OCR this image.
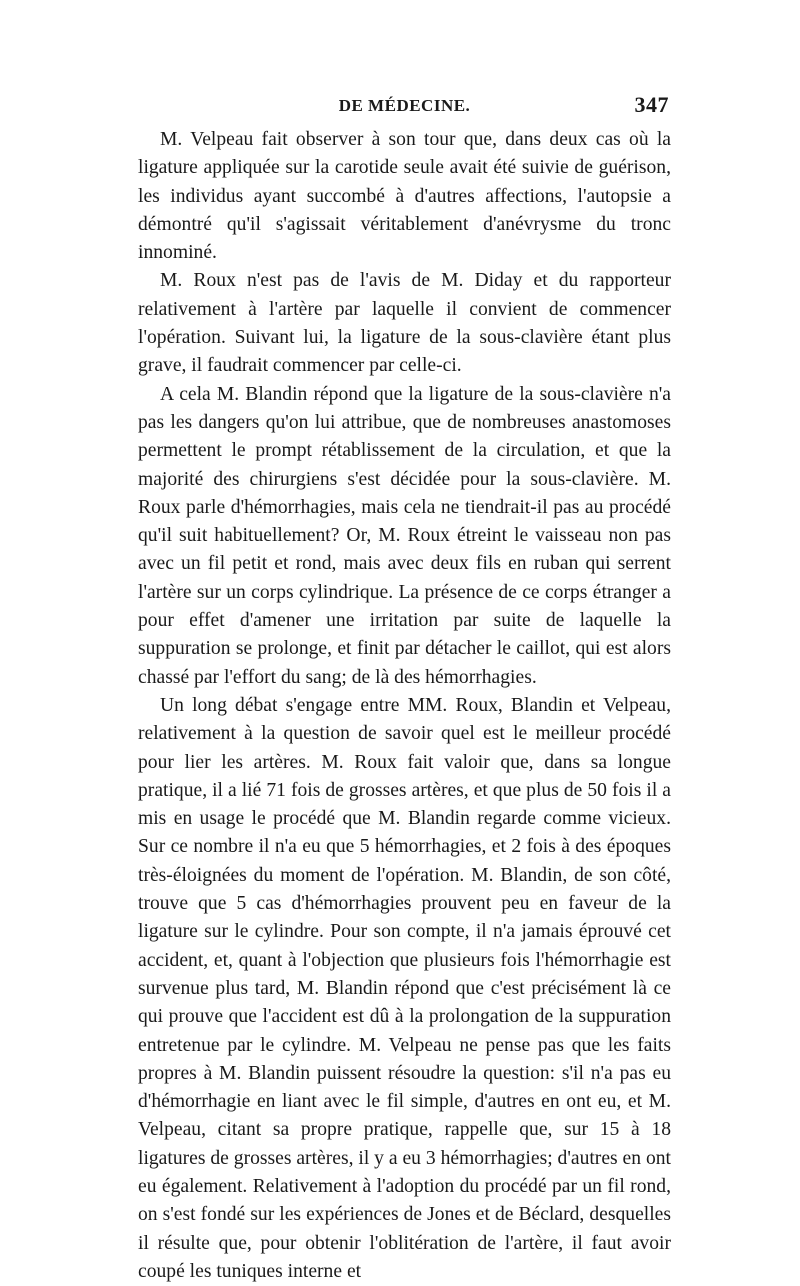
DE MÉDECINE.	347

M. Velpeau fait observer à son tour que, dans deux cas où la ligature appliquée sur la carotide seule avait été suivie de guérison, les individus ayant succombé à d'autres affections, l'autopsie a démontré qu'il s'agissait véritablement d'anévrysme du tronc innominé.

M. Roux n'est pas de l'avis de M. Diday et du rapporteur relativement à l'artère par laquelle il convient de commencer l'opération. Suivant lui, la ligature de la sous-clavière étant plus grave, il faudrait commencer par celle-ci.

A cela M. Blandin répond que la ligature de la sous-clavière n'a pas les dangers qu'on lui attribue, que de nombreuses anastomoses permettent le prompt rétablissement de la circulation, et que la majorité des chirurgiens s'est décidée pour la sous-clavière. M. Roux parle d'hémorrhagies, mais cela ne tiendrait-il pas au procédé qu'il suit habituellement? Or, M. Roux étreint le vaisseau non pas avec un fil petit et rond, mais avec deux fils en ruban qui serrent l'artère sur un corps cylindrique. La présence de ce corps étranger a pour effet d'amener une irritation par suite de laquelle la suppuration se prolonge, et finit par détacher le caillot, qui est alors chassé par l'effort du sang; de là des hémorrhagies.

Un long débat s'engage entre MM. Roux, Blandin et Velpeau, relativement à la question de savoir quel est le meilleur procédé pour lier les artères. M. Roux fait valoir que, dans sa longue pratique, il a lié 71 fois de grosses artères, et que plus de 50 fois il a mis en usage le procédé que M. Blandin regarde comme vicieux. Sur ce nombre il n'a eu que 5 hémorrhagies, et 2 fois à des époques très-éloignées du moment de l'opération. M. Blandin, de son côté, trouve que 5 cas d'hémorrhagies prouvent peu en faveur de la ligature sur le cylindre. Pour son compte, il n'a jamais éprouvé cet accident, et, quant à l'objection que plusieurs fois l'hémorrhagie est survenue plus tard, M. Blandin répond que c'est précisément là ce qui prouve que l'accident est dû à la prolongation de la suppuration entretenue par le cylindre. M. Velpeau ne pense pas que les faits propres à M. Blandin puissent résoudre la question: s'il n'a pas eu d'hémorrhagie en liant avec le fil simple, d'autres en ont eu, et M. Velpeau, citant sa propre pratique, rappelle que, sur 15 à 18 ligatures de grosses artères, il y a eu 3 hémorrhagies; d'autres en ont eu également. Relativement à l'adoption du procédé par un fil rond, on s'est fondé sur les expériences de Jones et de Béclard, desquelles il résulte que, pour obtenir l'oblitération de l'artère, il faut avoir coupé les tuniques interne et
